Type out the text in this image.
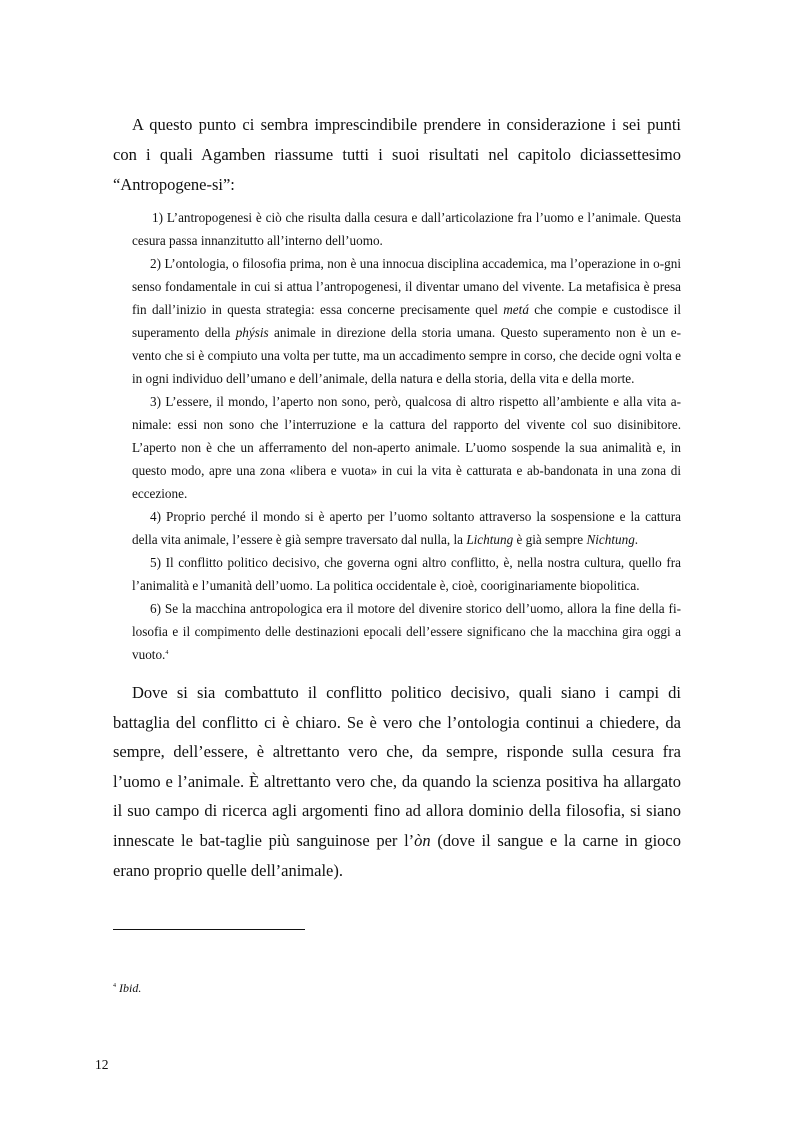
A questo punto ci sembra imprescindibile prendere in considerazione i sei punti con i quali Agamben riassume tutti i suoi risultati nel capitolo diciassettesimo “Antropogene-si”:

1) L’antropogenesi è ciò che risulta dalla cesura e dall’articolazione fra l’uomo e l’animale. Questa cesura passa innanzitutto all’interno dell’uomo.

2) L’ontologia, o filosofia prima, non è una innocua disciplina accademica, ma l’operazione in o-gni senso fondamentale in cui si attua l’antropogenesi, il diventar umano del vivente. La metafisica è presa fin dall’inizio in questa strategia: essa concerne precisamente quel metá che compie e custodisce il superamento della phýsis animale in direzione della storia umana. Questo superamento non è un e-vento che si è compiuto una volta per tutte, ma un accadimento sempre in corso, che decide ogni volta e in ogni individuo dell’umano e dell’animale, della natura e della storia, della vita e della morte.

3) L’essere, il mondo, l’aperto non sono, però, qualcosa di altro rispetto all’ambiente e alla vita a-nimale: essi non sono che l’interruzione e la cattura del rapporto del vivente col suo disinibitore. L’aperto non è che un afferramento del non-aperto animale. L’uomo sospende la sua animalità e, in questo modo, apre una zona «libera e vuota» in cui la vita è catturata e ab-bandonata in una zona di eccezione.

4) Proprio perché il mondo si è aperto per l’uomo soltanto attraverso la sospensione e la cattura della vita animale, l’essere è già sempre traversato dal nulla, la Lichtung è già sempre Nichtung.

5) Il conflitto politico decisivo, che governa ogni altro conflitto, è, nella nostra cultura, quello fra l’animalità e l’umanità dell’uomo. La politica occidentale è, cioè, cooriginariamente biopolitica.

6) Se la macchina antropologica era il motore del divenire storico dell’uomo, allora la fine della fi-losofia e il compimento delle destinazioni epocali dell’essere significano che la macchina gira oggi a vuoto.$^4$

Dove si sia combattuto il conflitto politico decisivo, quali siano i campi di battaglia del conflitto ci è chiaro. Se è vero che l’ontologia continui a chiedere, da sempre, dell’essere, è altrettanto vero che, da sempre, risponde sulla cesura fra l’uomo e l’animale. È altrettanto vero che, da quando la scienza positiva ha allargato il suo campo di ricerca agli argomenti fino ad allora dominio della filosofia, si siano innescate le bat-taglie più sanguinose per l’òn (dove il sangue e la carne in gioco erano proprio quelle dell’animale).

$^4$ Ibid.
12
